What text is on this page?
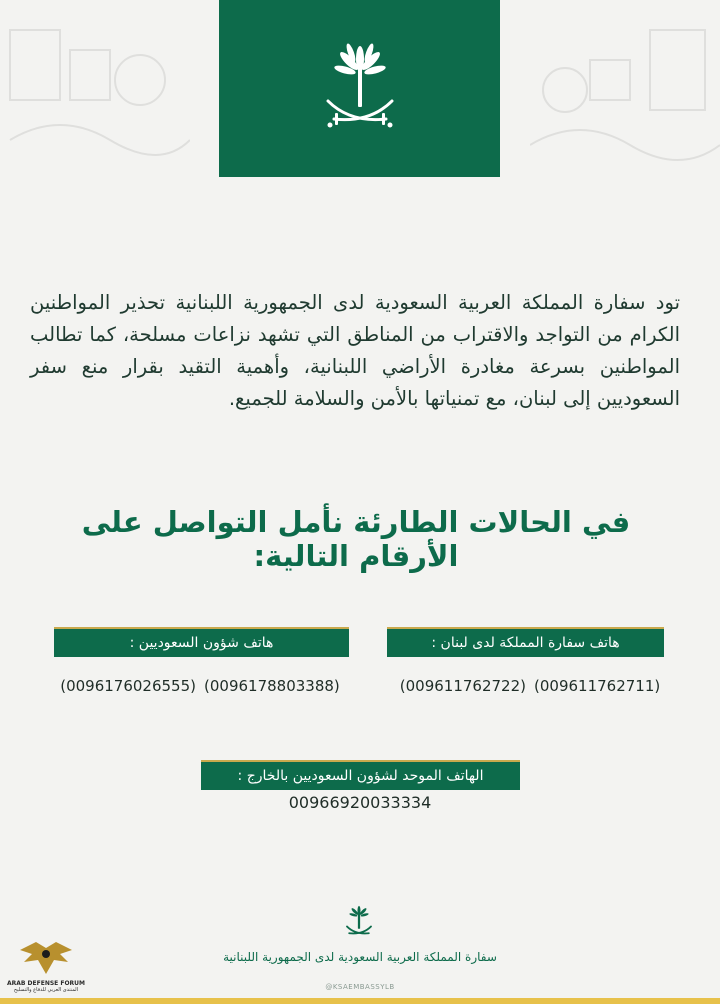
تود سفارة المملكة العربية السعودية لدى الجمهورية اللبنانية تحذير المواطنين الكرام من التواجد والاقتراب من المناطق التي تشهد نزاعات مسلحة، كما تطالب المواطنين بسرعة مغادرة الأراضي اللبنانية، وأهمية التقيد بقرار منع سفر السعوديين إلى لبنان، مع تمنياتها بالأمن والسلامة للجميع.

في الحالات الطارئة نأمل التواصل على الأرقام التالية:
هاتف شؤون السعوديين :
(0096176026555) (0096178803388)
هاتف سفارة المملكة لدى لبنان :
(009611762722) (009611762711)
الهاتف الموحد لشؤون السعوديين بالخارج :
00966920033334
سفارة المملكة العربية السعودية لدى الجمهورية اللبنانية
@KSAEMBASSYLB
ARAB DEFENSE FORUM
المنتدى العربي للدفاع والتسليح
